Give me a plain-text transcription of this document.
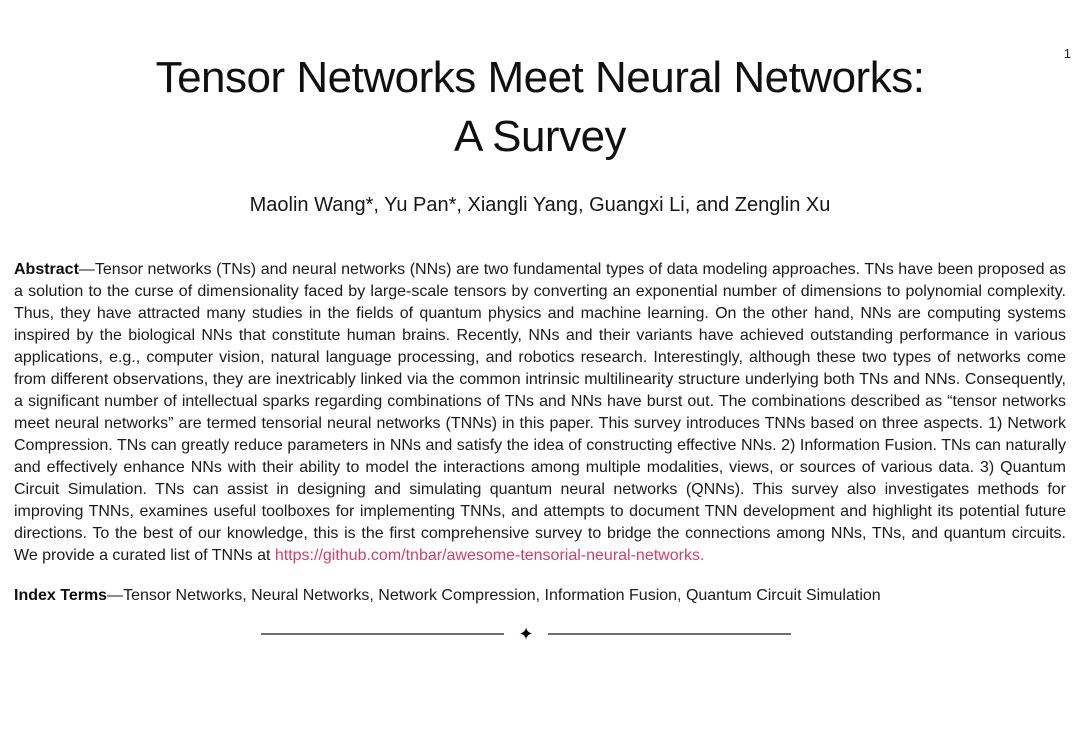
1
Tensor Networks Meet Neural Networks:
A Survey
Maolin Wang*, Yu Pan*, Xiangli Yang, Guangxi Li, and Zenglin Xu

Abstract—Tensor networks (TNs) and neural networks (NNs) are two fundamental types of data modeling approaches. TNs have been proposed as a solution to the curse of dimensionality faced by large-scale tensors by converting an exponential number of dimensions to polynomial complexity. Thus, they have attracted many studies in the fields of quantum physics and machine learning. On the other hand, NNs are computing systems inspired by the biological NNs that constitute human brains. Recently, NNs and their variants have achieved outstanding performance in various applications, e.g., computer vision, natural language processing, and robotics research. Interestingly, although these two types of networks come from different observations, they are inextricably linked via the common intrinsic multilinearity structure underlying both TNs and NNs. Consequently, a significant number of intellectual sparks regarding combinations of TNs and NNs have burst out. The combinations described as “tensor networks meet neural networks” are termed tensorial neural networks (TNNs) in this paper. This survey introduces TNNs based on three aspects. 1) Network Compression. TNs can greatly reduce parameters in NNs and satisfy the idea of constructing effective NNs. 2) Information Fusion. TNs can naturally and effectively enhance NNs with their ability to model the interactions among multiple modalities, views, or sources of various data. 3) Quantum Circuit Simulation. TNs can assist in designing and simulating quantum neural networks (QNNs). This survey also investigates methods for improving TNNs, examines useful toolboxes for implementing TNNs, and attempts to document TNN development and highlight its potential future directions. To the best of our knowledge, this is the first comprehensive survey to bridge the connections among NNs, TNs, and quantum circuits. We provide a curated list of TNNs at https://github.com/tnbar/awesome-tensorial-neural-networks.

Index Terms—Tensor Networks, Neural Networks, Network Compression, Information Fusion, Quantum Circuit Simulation

✦
